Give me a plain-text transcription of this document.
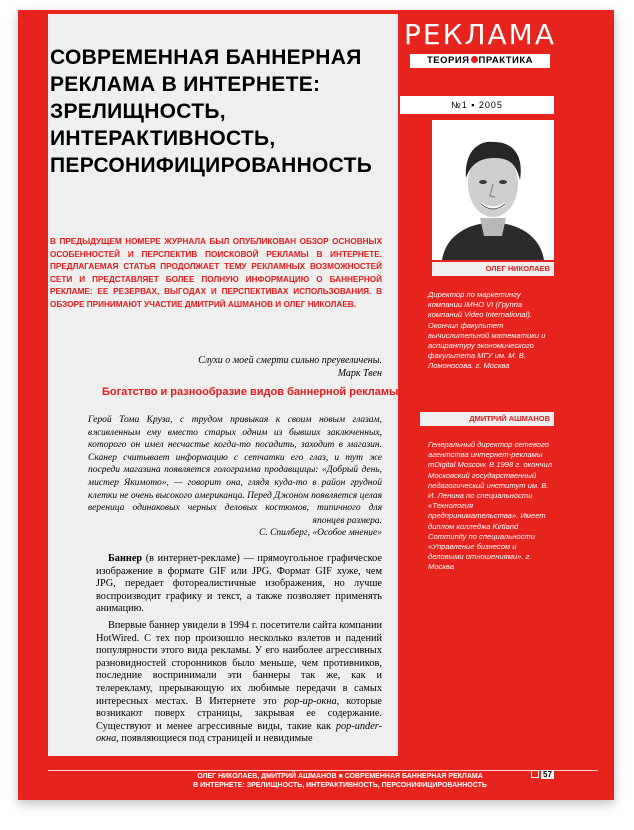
СОВРЕМЕННАЯ БАННЕРНАЯ РЕКЛАМА В ИНТЕРНЕТЕ: ЗРЕЛИЩНОСТЬ, ИНТЕРАКТИВНОСТЬ, ПЕРСОНИФИЦИРОВАННОСТЬ

В ПРЕДЫДУЩЕМ НОМЕРЕ ЖУРНАЛА БЫЛ ОПУБЛИКОВАН ОБЗОР ОСНОВНЫХ ОСОБЕННОСТЕЙ И ПЕРСПЕКТИВ ПОИСКОВОЙ РЕКЛАМЫ В ИНТЕРНЕТЕ. ПРЕДЛАГАЕМАЯ СТАТЬЯ ПРОДОЛЖАЕТ ТЕМУ РЕКЛАМНЫХ ВОЗМОЖНОСТЕЙ СЕТИ И ПРЕДСТАВЛЯЕТ БОЛЕЕ ПОЛНУЮ ИНФОРМАЦИЮ О БАННЕРНОЙ РЕКЛАМЕ: ЕЕ РЕЗЕРВАХ, ВЫГОДАХ И ПЕРСПЕКТИВАХ ИСПОЛЬЗОВАНИЯ. В ОБЗОРЕ ПРИНИМАЮТ УЧАСТИЕ ДМИТРИЙ АШМАНОВ И ОЛЕГ НИКОЛАЕВ.

Слухи о моей смерти сильно преувеличены.
Марк Твен
Богатство и разнообразие видов баннерной рекламы

Герой Тома Круза, с трудом привыкая к своим новым глазам, вживленным ему вместо старых одним из бывших заключенных, которого он имел несчастье когда-то посадить, заходит в магазин. Сканер считывает информацию с сетчатки его глаз, и тут же посреди магазина появляется голограмма продавщицы: «Добрый день, мистер Якимото», — говорит она, глядя куда-то в район грудной клетки не очень высокого американца. Перед Джоном появляется целая вереница одинаковых черных деловых костюмов, типичного для японцев размера.

С. Спилберг, «Особое мнение»

Баннер (в интернет-рекламе) — прямоугольное графическое изображение в формате GIF или JPG. Формат GIF хуже, чем JPG, передает фотореалистичные изображения, но лучше воспроизводит графику и текст, а также позволяет применять анимацию.

Впервые баннер увидели в 1994 г. посетители сайта компании HotWired. С тех пор произошло несколько взлетов и падений популярности этого вида рекламы. У его наиболее агрессивных разновидностей сторонников было меньше, чем противников, последние воспринимали эти баннеры так же, как и телерекламу, прерывающую их любимые передачи в самых интересных местах. В Интернете это pop-up-окна, которые возникают поверх страницы, закрывая ее содержание. Существуют и менее агрессивные виды, такие как pop-under-окна, появляющиеся под страницей и невидимые

РЕКЛАМА
ТЕОРИЯ ПРАКТИКА
№1 ▪ 2005
ОЛЕГ НИКОЛАЕВ
Директор по маркетингу компании IMHO VI (Группа компаний Video International). Окончил факультет вычислительной математики и аспирантуру экономического факультета МГУ им. М. В. Ломоносова. г. Москва
ДМИТРИЙ АШМАНОВ
Генеральный директор сетевого агентства интернет-рекламы mDigital Moscow. В 1998 г. окончил Московский государственный педагогический институт им. В. И. Ленина по специальности «Технология предпринимательства». Имеет диплом колледжа Kirtland Community по специальности «Управление бизнесом и деловыми отношениями». г. Москва
ОЛЕГ НИКОЛАЕВ, ДМИТРИЙ АШМАНОВ ■ СОВРЕМЕННАЯ БАННЕРНАЯ РЕКЛАМА
В ИНТЕРНЕТЕ: ЗРЕЛИЩНОСТЬ, ИНТЕРАКТИВНОСТЬ, ПЕРСОНИФИЦИРОВАННОСТЬ
57
